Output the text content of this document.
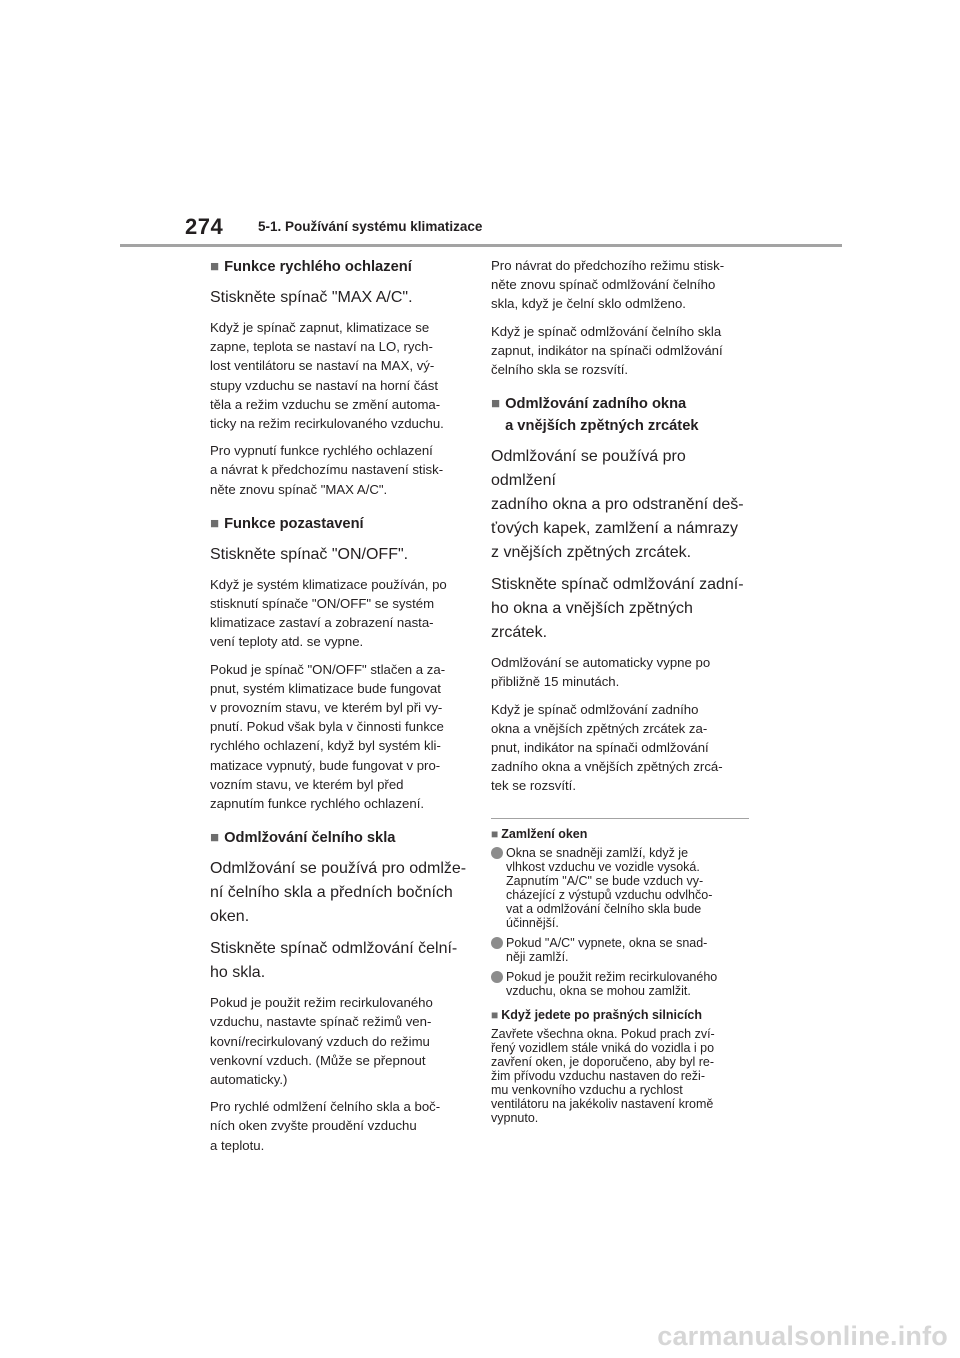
274	5-1. Používání systému klimatizace
■ Funkce rychlého ochlazení
Stiskněte spínač "MAX A/C".
Když je spínač zapnut, klimatizace se
zapne, teplota se nastaví na LO, rych-
lost ventilátoru se nastaví na MAX, vý-
stupy vzduchu se nastaví na horní část
těla a režim vzduchu se změní automa-
ticky na režim recirkulovaného vzduchu.
Pro vypnutí funkce rychlého ochlazení
a návrat k předchozímu nastavení stisk-
něte znovu spínač "MAX A/C".
■ Funkce pozastavení
Stiskněte spínač "ON/OFF".
Když je systém klimatizace používán, po
stisknutí spínače "ON/OFF" se systém
klimatizace zastaví a zobrazení nasta-
vení teploty atd. se vypne.
Pokud je spínač "ON/OFF" stlačen a za-
pnut, systém klimatizace bude fungovat
v provozním stavu, ve kterém byl při vy-
pnutí. Pokud však byla v činnosti funkce
rychlého ochlazení, když byl systém kli-
matizace vypnutý, bude fungovat v pro-
vozním stavu, ve kterém byl před
zapnutím funkce rychlého ochlazení.
■ Odmlžování čelního skla
Odmlžování se používá pro odmlže-
ní čelního skla a předních bočních
oken.
Stiskněte spínač odmlžování čelní-
ho skla.
Pokud je použit režim recirkulovaného
vzduchu, nastavte spínač režimů ven-
kovní/recirkulovaný vzduch do režimu
venkovní vzduch. (Může se přepnout
automaticky.)
Pro rychlé odmlžení čelního skla a boč-
ních oken zvyšte proudění vzduchu
a teplotu.
Pro návrat do předchozího režimu stisk-
něte znovu spínač odmlžování čelního
skla, když je čelní sklo odmlženo.
Když je spínač odmlžování čelního skla
zapnut, indikátor na spínači odmlžování
čelního skla se rozsvítí.
■ Odmlžování zadního okna
a vnějších zpětných zrcátek
Odmlžování se používá pro odmlžení
zadního okna a pro odstranění deš-
ťových kapek, zamlžení a námrazy
z vnějších zpětných zrcátek.
Stiskněte spínač odmlžování zadní-
ho okna a vnějších zpětných zrcátek.
Odmlžování se automaticky vypne po
přibližně 15 minutách.
Když je spínač odmlžování zadního
okna a vnějších zpětných zrcátek za-
pnut, indikátor na spínači odmlžování
zadního okna a vnějších zpětných zrcá-
tek se rozsvítí.
■ Zamlžení oken
Okna se snadněji zamlží, když je
vlhkost vzduchu ve vozidle vysoká.
Zapnutím "A/C" se bude vzduch vy-
cházející z výstupů vzduchu odvlhčo-
vat a odmlžování čelního skla bude
účinnější.
Pokud "A/C" vypnete, okna se snad-
něji zamlží.
Pokud je použit režim recirkulovaného
vzduchu, okna se mohou zamlžit.
■ Když jedete po prašných silnicích
Zavřete všechna okna. Pokud prach zví-
řený vozidlem stále vniká do vozidla i po
zavření oken, je doporučeno, aby byl re-
žim přívodu vzduchu nastaven do reži-
mu venkovního vzduchu a rychlost
ventilátoru na jakékoliv nastavení kromě
vypnuto.
carmanualsonline.info
